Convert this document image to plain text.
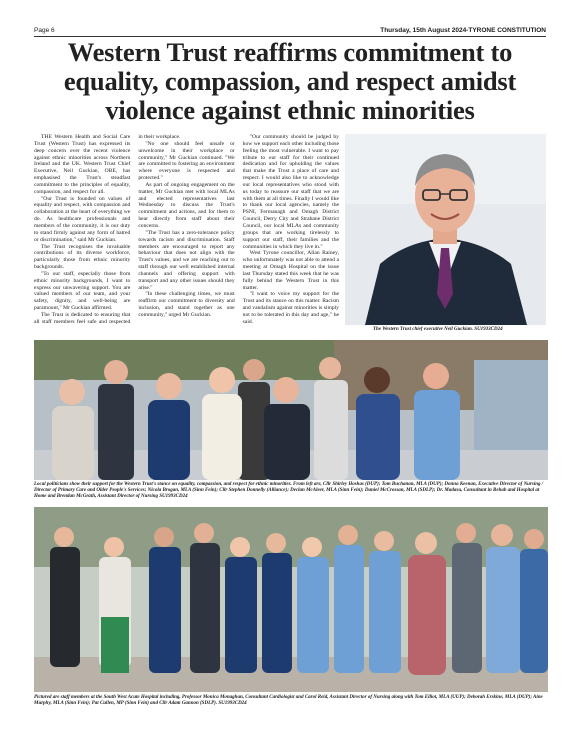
Page 6	Thursday, 15th August 2024-TYRONE CONSTITUTION
Western Trust reaffirms commitment to equality, compassion, and respect amidst violence against ethnic minorities

THE Western Health and Social Care Trust (Western Trust) has expressed its deep concern over the recent violence against ethnic minorities across Northern Ireland and the UK. Western Trust Chief Executive, Neil Guckian, OBE, has emphasised the Trust's steadfast commitment to the principles of equality, compassion, and respect for all.

"Our Trust is founded on values of equality and respect, with compassion and collaboration at the heart of everything we do. As healthcare professionals and members of the community, it is our duty to stand firmly against any form of hatred or discrimination," said Mr Guckian.

The Trust recognises the invaluable contributions of its diverse workforce, particularly those from ethnic minority backgrounds.

"To our staff, especially those from ethnic minority backgrounds, I want to express our unwavering support. You are valued members of our team, and your safety, dignity, and well-being are paramount," Mr Guckian affirmed.

The Trust is dedicated to ensuring that all staff members feel safe and respected in their workplace.

"No one should feel unsafe or unwelcome in their workplace or community," Mr Guckian continued. "We are committed to fostering an environment where everyone is respected and protected."

As part of ongoing engagement on the matter, Mr Guckian met with local MLAs and elected representatives last Wednesday to discuss the Trust's commitment and actions, and for them to hear directly from staff about their concerns.

"The Trust has a zero-tolerance policy towards racism and discrimination. Staff members are encouraged to report any behaviour that does not align with the Trust's values, and we are reaching out to staff through our well established internal channels and offering support with transport and any other issues should they arise."

"In these challenging times, we must reaffirm our commitment to diversity and inclusion, and stand together as one community," urged Mr Guckian.

"Our community should be judged by how we support each other including those feeling the most vulnerable. I want to pay tribute to our staff for their continued dedication and for upholding the values that make the Trust a place of care and respect. I would also like to acknowledge our local representatives who stood with us today to reassure our staff that we are with them at all times. Finally I would like to thank our local agencies, namely the PSNI, Fermanagh and Omagh District Council, Derry City and Strabane District Council, our local MLAs and community groups that are working tirelessly to support our staff, their families and the communities in which they live in."

West Tyrone councillor, Allan Rainey, who unfortunately was not able to attend a meeting at Omagh Hospital on the issue last Thursday stated this week that he was fully behind the Western Trust in this matter.

"I want to voice my support for the Trust and its stance on this matter. Racism and vandalism against minorities is simply not to be tolerated in this day and age," he said.

The Western Trust chief executive Neil Guckian. SU1933CD24
Local politicians show their support for the Western Trust's stance on equality, compassion, and respect for ethnic minorities. From left are, Cllr Shirley Hoshas (DUP); Tom Buchanan, MLA (DUP); Donna Keenan, Executive Director of Nursing / Director of Primary Care and Older People's Services; Nicola Brogan, MLA (Sinn Fein); Cllr Stephen Donnelly (Alliance); Declan McAleer, MLA (Sinn Fein); Daniel McCrossan, MLA (SDLP); Dr. Madasu, Consultant in Rehab and Hospital at Home and Brendan McGrath, Assistant Director of Nursing SU1993CD24
Pictured are staff members at the South West Acute Hospital including, Professor Monica Monaghan, Consultant Cardiologist and Carol Reid, Assistant Director of Nursing along with Tom Elliot, MLA (UUP); Deborah Erskine, MLA (DUP); Aine Murphy, MLA (Sinn Fein); Pat Cullen, MP (Sinn Fein) and Cllr Adam Gannon (SDLP). SU1993CD24
